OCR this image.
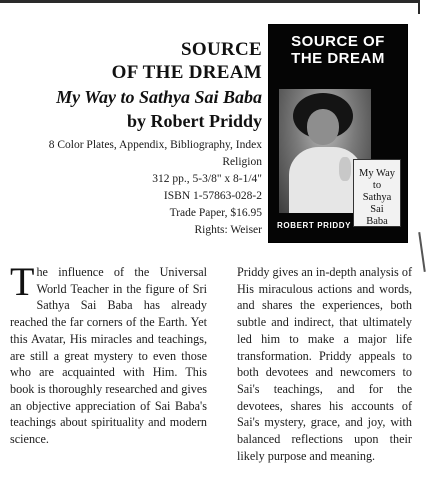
SOURCE
OF THE DREAM
My Way to Sathya Sai Baba
by Robert Priddy
8 Color Plates, Appendix, Bibliography, Index
Religion
312 pp., 5-3/8" x 8-1/4"
ISBN 1-57863-028-2
Trade Paper, $16.95
Rights: Weiser
SOURCE OF
THE DREAM
My Way
to
Sathya
Sai
Baba
ROBERT PRIDDY
The influence of the Universal World Teacher in the figure of Sri Sathya Sai Baba has already reached the far corners of the Earth. Yet this Avatar, His miracles and teachings, are still a great mystery to even those who are acquainted with Him. This book is thoroughly researched and gives an objective appreciation of Sai Baba's teachings about spirituality and modern science.
Priddy gives an in-depth analysis of His miraculous actions and words, and shares the experiences, both subtle and indirect, that ultimately led him to make a major life transformation. Priddy appeals to both devotees and newcomers to Sai's teachings, and for the devotees, shares his accounts of Sai's mystery, grace, and joy, with balanced reflections upon their likely purpose and meaning.
